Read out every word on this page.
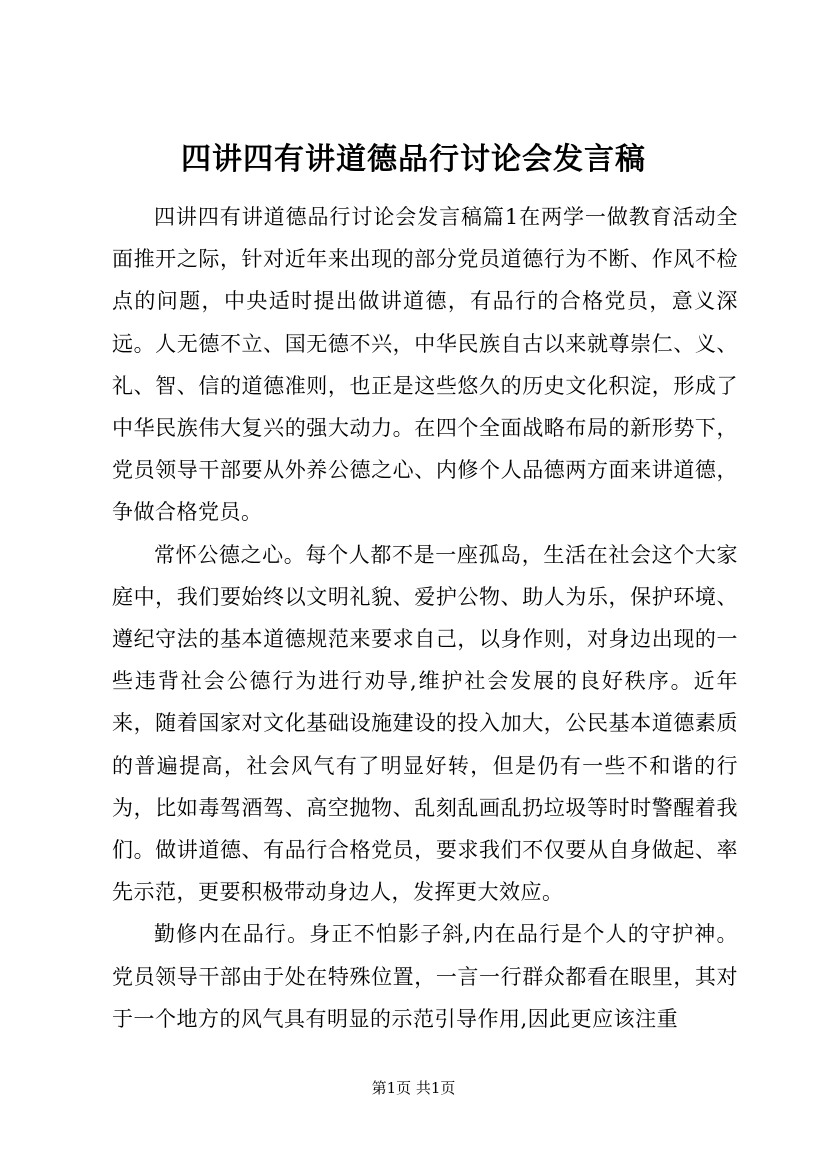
四讲四有讲道德品行讨论会发言稿

四讲四有讲道德品行讨论会发言稿篇1在两学一做教育活动全面推开之际，针对近年来出现的部分党员道德行为不断、作风不检点的问题，中央适时提出做讲道德，有品行的合格党员，意义深远。人无德不立、国无德不兴，中华民族自古以来就尊崇仁、义、礼、智、信的道德准则，也正是这些悠久的历史文化积淀，形成了中华民族伟大复兴的强大动力。在四个全面战略布局的新形势下，党员领导干部要从外养公德之心、内修个人品德两方面来讲道德，争做合格党员。

常怀公德之心。每个人都不是一座孤岛，生活在社会这个大家庭中，我们要始终以文明礼貌、爱护公物、助人为乐，保护环境、遵纪守法的基本道德规范来要求自己，以身作则，对身边出现的一些违背社会公德行为进行劝导,维护社会发展的良好秩序。近年来，随着国家对文化基础设施建设的投入加大，公民基本道德素质的普遍提高，社会风气有了明显好转，但是仍有一些不和谐的行为，比如毒驾酒驾、高空抛物、乱刻乱画乱扔垃圾等时时警醒着我们。做讲道德、有品行合格党员，要求我们不仅要从自身做起、率先示范，更要积极带动身边人，发挥更大效应。

勤修内在品行。身正不怕影子斜,内在品行是个人的守护神。党员领导干部由于处在特殊位置，一言一行群众都看在眼里，其对于一个地方的风气具有明显的示范引导作用,因此更应该注重

第1页 共1页
